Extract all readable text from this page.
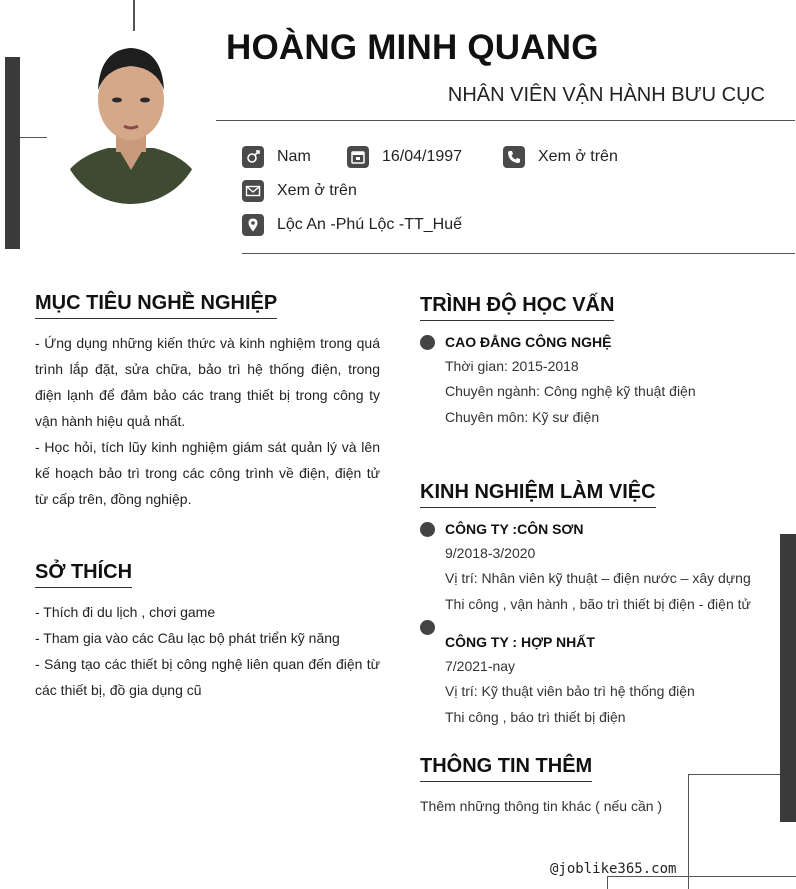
HOÀNG MINH QUANG
NHÂN VIÊN VẬN HÀNH BƯU CỤC
Nam	16/04/1997	Xem ở trên
Xem ở trên
Lộc An -Phú Lộc -TT_Huế
MỤC TIÊU NGHỀ NGHIỆP
- Ứng dụng những kiến thức và kinh nghiệm trong quá trình lắp đặt, sửa chữa, bảo trì hệ thống điện, trong điện lạnh để đảm bảo các trang thiết bị trong công ty vận hành hiệu quả nhất.
- Học hỏi, tích lũy kinh nghiệm giám sát quản lý và lên kế hoạch bảo trì trong các công trình về điện, điện tử từ cấp trên, đồng nghiệp.
SỞ THÍCH
- Thích đi du lịch , chơi game
- Tham gia vào các Câu lạc bộ phát triển kỹ năng
- Sáng tạo các thiết bị công nghệ liên quan đến điện từ các thiết bị, đồ gia dụng cũ
TRÌNH ĐỘ HỌC VẤN
CAO ĐẲNG CÔNG NGHỆ
Thời gian: 2015-2018
Chuyên ngành: Công nghệ kỹ thuật điện
Chuyên môn: Kỹ sư điện
KINH NGHIỆM LÀM VIỆC
CÔNG TY :CÔN SƠN
9/2018-3/2020
Vị trí: Nhân viên kỹ thuật – điện nước – xây dựng
Thi công , vận hành , bão trì thiết bị điện - điện tử
CÔNG TY : HỢP NHẤT
7/2021-nay
Vị trí: Kỹ thuật viên bảo trì hệ thống điện
Thi công , báo trì thiết bị điện
THÔNG TIN THÊM
Thêm những thông tin khác ( nếu cần )
@joblike365.com
